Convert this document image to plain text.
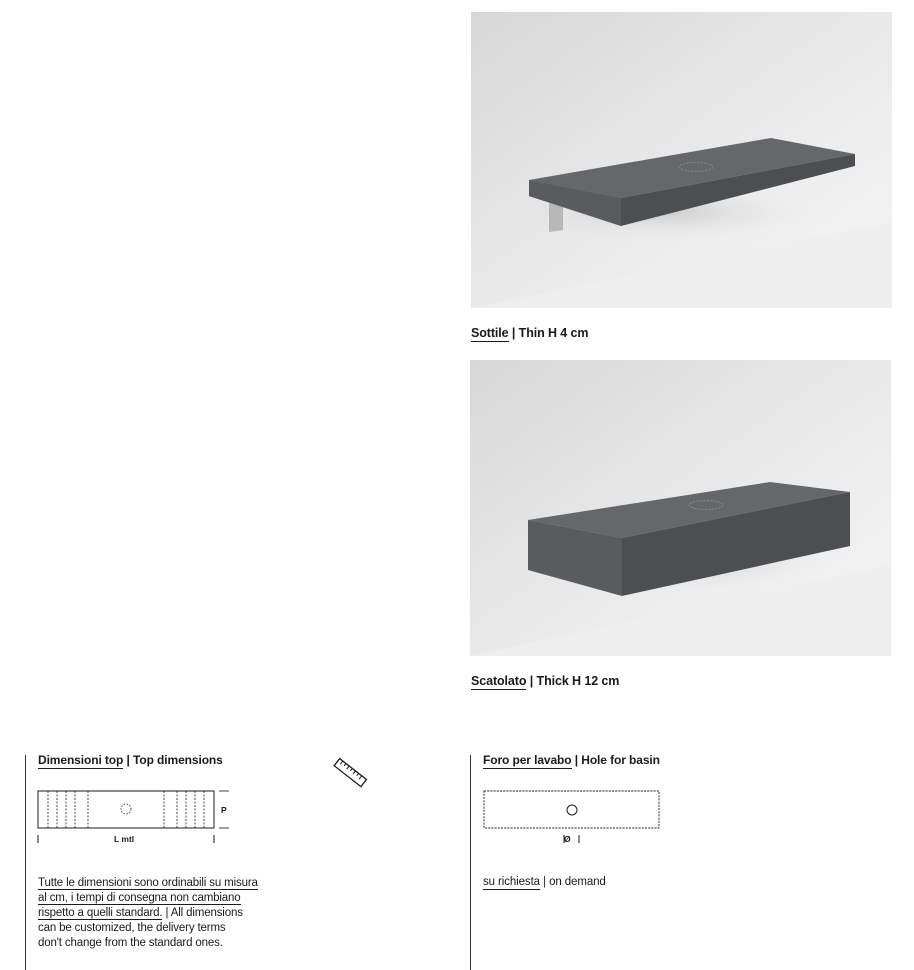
Sottile | Thin H 4 cm
Scatolato | Thick H 12 cm
Dimensioni top | Top dimensions
L mtl
P
Tutte le dimensioni sono ordinabili su misura
al cm, i tempi di consegna non cambiano
rispetto a quelli standard. | All dimensions
can be customized, the delivery terms
don't change from the standard ones.
Foro per lavabo | Hole for basin
Ø
su richiesta | on demand
